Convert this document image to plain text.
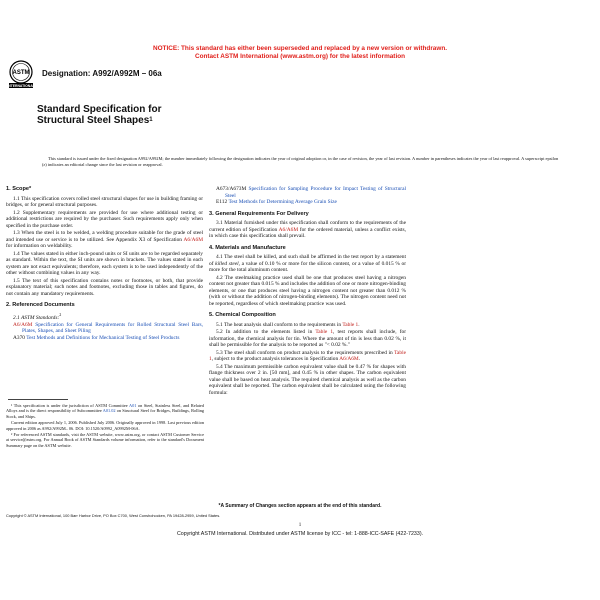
NOTICE: This standard has either been superseded and replaced by a new version or withdrawn.
Contact ASTM International (www.astm.org) for the latest information
ASTM
INTERNATIONAL
Designation: A992/A992M – 06a
Standard Specification for
Structural Steel Shapes$^1$
This standard is issued under the fixed designation A992/A992M; the number immediately following the designation indicates the year of original adoption or, in the case of revision, the year of last revision. A number in parentheses indicates the year of last reapproval. A superscript epsilon (ε) indicates an editorial change since the last revision or reapproval.
1. Scope*
1.1 This specification covers rolled steel structural shapes for use in building framing or bridges, or for general structural purposes.
1.2 Supplementary requirements are provided for use where additional testing or additional restrictions are required by the purchaser. Such requirements apply only when specified in the purchase order.
1.3 When the steel is to be welded, a welding procedure suitable for the grade of steel and intended use or service is to be utilized. See Appendix X3 of Specification A6/A6M for information on weldability.
1.4 The values stated in either inch-pound units or SI units are to be regarded separately as standard. Within the text, the SI units are shown in brackets. The values stated in each system are not exact equivalents; therefore, each system is to be used independently of the other without combining values in any way.
1.5 The text of this specification contains notes or footnotes, or both, that provide explanatory material; such notes and footnotes, excluding those in tables and figures, do not contain any mandatory requirements.
2. Referenced Documents
2.1 ASTM Standards:$^2$
A6/A6M Specification for General Requirements for Rolled Structural Steel Bars, Plates, Shapes, and Sheet Piling
A370 Test Methods and Definitions for Mechanical Testing of Steel Products

¹ This specification is under the jurisdiction of ASTM Committee A01 on Steel, Stainless Steel, and Related Alloys and is the direct responsibility of Subcommittee A01.02 on Structural Steel for Bridges, Buildings, Rolling Stock, and Ships.

Current edition approved July 1, 2006. Published July 2006. Originally approved in 1998. Last previous edition approved in 2006 as A992/A992M– 06. DOI: 10.1520/A0992_A0992M-06A.

² For referenced ASTM standards, visit the ASTM website, www.astm.org, or contact ASTM Customer Service at service@astm.org. For Annual Book of ASTM Standards volume information, refer to the standard's Document Summary page on the ASTM website.

A673/A673M Specification for Sampling Procedure for Impact Testing of Structural Steel
E112 Test Methods for Determining Average Grain Size
3. General Requirements For Delivery
3.1 Material furnished under this specification shall conform to the requirements of the current edition of Specification A6/A6M for the ordered material, unless a conflict exists, in which case this specification shall prevail.
4. Materials and Manufacture
4.1 The steel shall be killed, and such shall be affirmed in the test report by a statement of killed steel, a value of 0.10 % or more for the silicon content, or a value of 0.015 % or more for the total aluminum content.
4.2 The steelmaking practice used shall be one that produces steel having a nitrogen content not greater than 0.015 % and includes the addition of one or more nitrogen-binding elements, or one that produces steel having a nitrogen content not greater than 0.012 % (with or without the addition of nitrogen-binding elements). The nitrogen content need not be reported, regardless of which steelmaking practice was used.
5. Chemical Composition
5.1 The heat analysis shall conform to the requirements in Table 1.
5.2 In addition to the elements listed in Table 1, test reports shall include, for information, the chemical analysis for tin. Where the amount of tin is less than 0.02 %, it shall be permissible for the analysis to be reported as "< 0.02 %."
5.3 The steel shall conform on product analysis to the requirements prescribed in Table 1, subject to the product analysis tolerances in Specification A6/A6M.
5.4 The maximum permissible carbon equivalent value shall be 0.47 % for shapes with flange thickness over 2 in. [50 mm], and 0.45 % in other shapes. The carbon equivalent value shall be based on heat analysis. The required chemical analysis as well as the carbon equivalent shall be reported. The carbon equivalent shall be calculated using the following formula:
*A Summary of Changes section appears at the end of this standard.
Copyright © ASTM International, 100 Barr Harbor Drive, PO Box C700, West Conshohocken, PA 19428-2959, United States.
1
Copyright ASTM International. Distributed under ASTM license by ICC - tel: 1-888-ICC-SAFE (422-7233).
